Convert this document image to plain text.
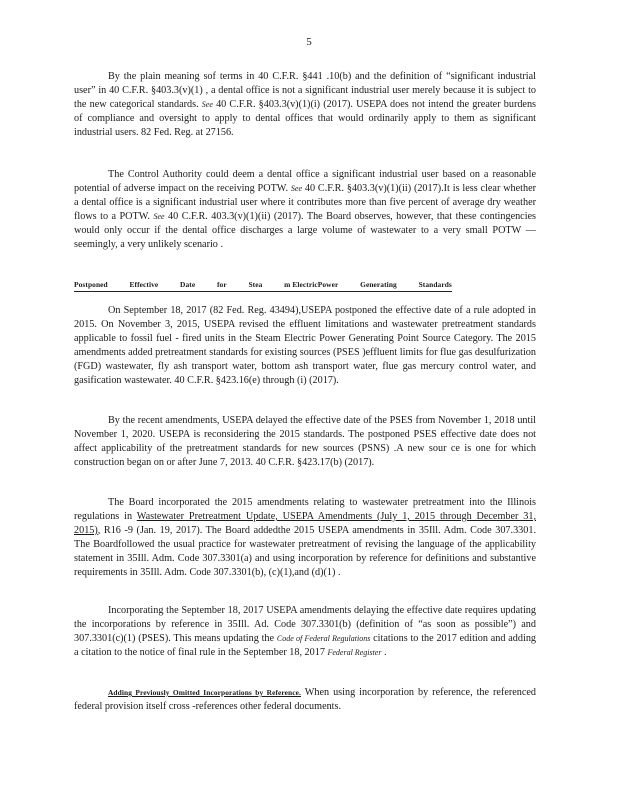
5

By the plain meaning sof terms in 40 C.F.R. §441 .10(b) and the definition of “significant industrial user” in 40 C.F.R. §403.3(v)(1) , a dental office is not a significant industrial user merely because it is subject to the new categorical standards. See 40 C.F.R. §403.3(v)(1)(i) (2017). USEPA does not intend the greater burdens of compliance and oversight to apply to dental offices that would ordinarily apply to them as significant industrial users. 82 Fed. Reg. at 27156.

The Control Authority could deem a dental office a significant industrial user based on a reasonable potential of adverse impact on the receiving POTW. See 40 C.F.R. §403.3(v)(1)(ii) (2017).It is less clear whether a dental office is a significant industrial user where it contributes more than five percent of average dry weather flows to a POTW. See 40 C.F.R. 403.3(v)(1)(ii) (2017). The Board observes, however, that these contingencies would only occur if the dental office discharges a large volume of wastewater to a very small POTW — seemingly, a very unlikely scenario .

Postponed	Effective	Date	for	Stea	m ElectricPower	Generating	Standards

On September 18, 2017 (82 Fed. Reg. 43494),USEPA postponed the effective date of a rule adopted in 2015. On November 3, 2015, USEPA revised the effluent limitations and wastewater pretreatment standards applicable to fossil fuel - fired units in the Steam Electric Power Generating Point Source Category. The 2015 amendments added pretreatment standards for existing sources (PSES )effluent limits for flue gas desulfurization (FGD) wastewater, fly ash transport water, bottom ash transport water, flue gas mercury control water, and gasification wastewater. 40 C.F.R. §423.16(e) through (i) (2017).

By the recent amendments, USEPA delayed the effective date of the PSES from November 1, 2018 until November 1, 2020. USEPA is reconsidering the 2015 standards. The postponed PSES effective date does not affect applicability of the pretreatment standards for new sources (PSNS) .A new sour ce is one for which construction began on or after June 7, 2013. 40 C.F.R. §423.17(b) (2017).

The Board incorporated the 2015 amendments relating to wastewater pretreatment into the Illinois regulations in Wastewater Pretreatment Update, USEPA Amendments (July 1, 2015 through December 31, 2015), R16 -9 (Jan. 19, 2017). The Board addedthe 2015 USEPA amendments in 35Ill. Adm. Code 307.3301. The Boardfollowed the usual practice for wastewater pretreatment of revising the language of the applicability statement in 35Ill. Adm. Code 307.3301(a) and using incorporation by reference for definitions and substantive requirements in 35Ill. Adm. Code 307.3301(b), (c)(1),and (d)(1) .

Incorporating the September 18, 2017 USEPA amendments delaying the effective date requires updating the incorporations by reference in 35Ill. Ad. Code 307.3301(b) (definition of “as soon as possible”) and 307.3301(c)(1) (PSES). This means updating the Code of Federal Regulations citations to the 2017 edition and adding a citation to the notice of final rule in the September 18, 2017 Federal Register .

Adding Previously Omitted Incorporations by Reference. When using incorporation by reference, the referenced federal provision itself cross -references other federal documents.
